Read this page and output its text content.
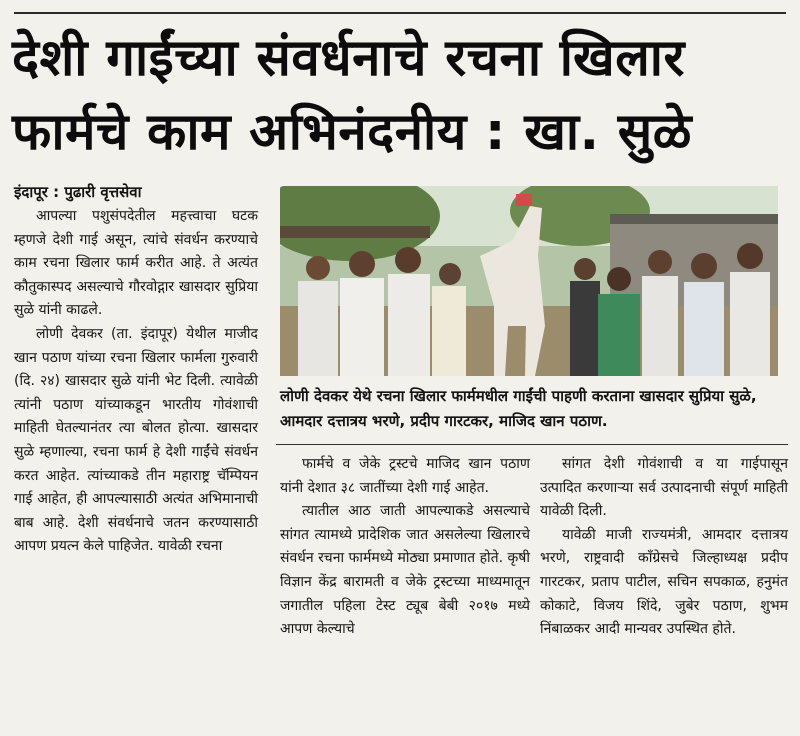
देशी गाईंच्या संवर्धनाचे रचना खिलार
फार्मचे काम अभिनंदनीय : खा. सुळे
इंदापूर : पुढारी वृत्तसेवा

आपल्या पशुसंपदेतील महत्त्वाचा घटक म्हणजे देशी गाई असून, त्यांचे संवर्धन करण्याचे काम रचना खिलार फार्म करीत आहे. ते अत्यंत कौतुकास्पद असल्याचे गौरवोद्गार खासदार सुप्रिया सुळे यांनी काढले.

लोणी देवकर (ता. इंदापूर) येथील माजीद खान पठाण यांच्या रचना खिलार फार्मला गुरुवारी (दि. २४) खासदार सुळे यांनी भेट दिली. त्यावेळी त्यांनी पठाण यांच्याकडून भारतीय गोवंशाची माहिती घेतल्यानंतर त्या बोलत होत्या. खासदार सुळे म्हणाल्या, रचना फार्म हे देशी गाईंचे संवर्धन करत आहेत. त्यांच्याकडे तीन महाराष्ट्र चॅम्पियन गाई आहेत, ही आपल्यासाठी अत्यंत अभिमानाची बाब आहे. देशी संवर्धनाचे जतन करण्यासाठी आपण प्रयत्न केले पाहिजेत. यावेळी रचना

लोणी देवकर येथे रचना खिलार फार्ममधील गाईंची पाहणी करताना खासदार सुप्रिया सुळे, आमदार दत्तात्रय भरणे, प्रदीप गारटकर, माजिद खान पठाण.

फार्मचे व जेके ट्रस्टचे माजिद खान पठाण यांनी देशात ३८ जातींच्या देशी गाई आहेत.

त्यातील आठ जाती आपल्याकडे असल्याचे सांगत त्यामध्ये प्रादेशिक जात असलेल्या खिलारचे संवर्धन रचना फार्ममध्ये मोठ्या प्रमाणात होते. कृषी विज्ञान केंद्र बारामती व जेके ट्रस्टच्या माध्यमातून जगातील पहिला टेस्ट ट्यूब बेबी २०१७ मध्ये आपण केल्याचे

सांगत देशी गोवंशाची व या गाईपासून उत्पादित करणाऱ्या सर्व उत्पादनाची संपूर्ण माहिती यावेळी दिली.

यावेळी माजी राज्यमंत्री, आमदार दत्तात्रय भरणे, राष्ट्रवादी काँग्रेसचे जिल्हाध्यक्ष प्रदीप गारटकर, प्रताप पाटील, सचिन सपकाळ, हनुमंत कोकाटे, विजय शिंदे, जुबेर पठाण, शुभम निंबाळकर आदी मान्यवर उपस्थित होते.
